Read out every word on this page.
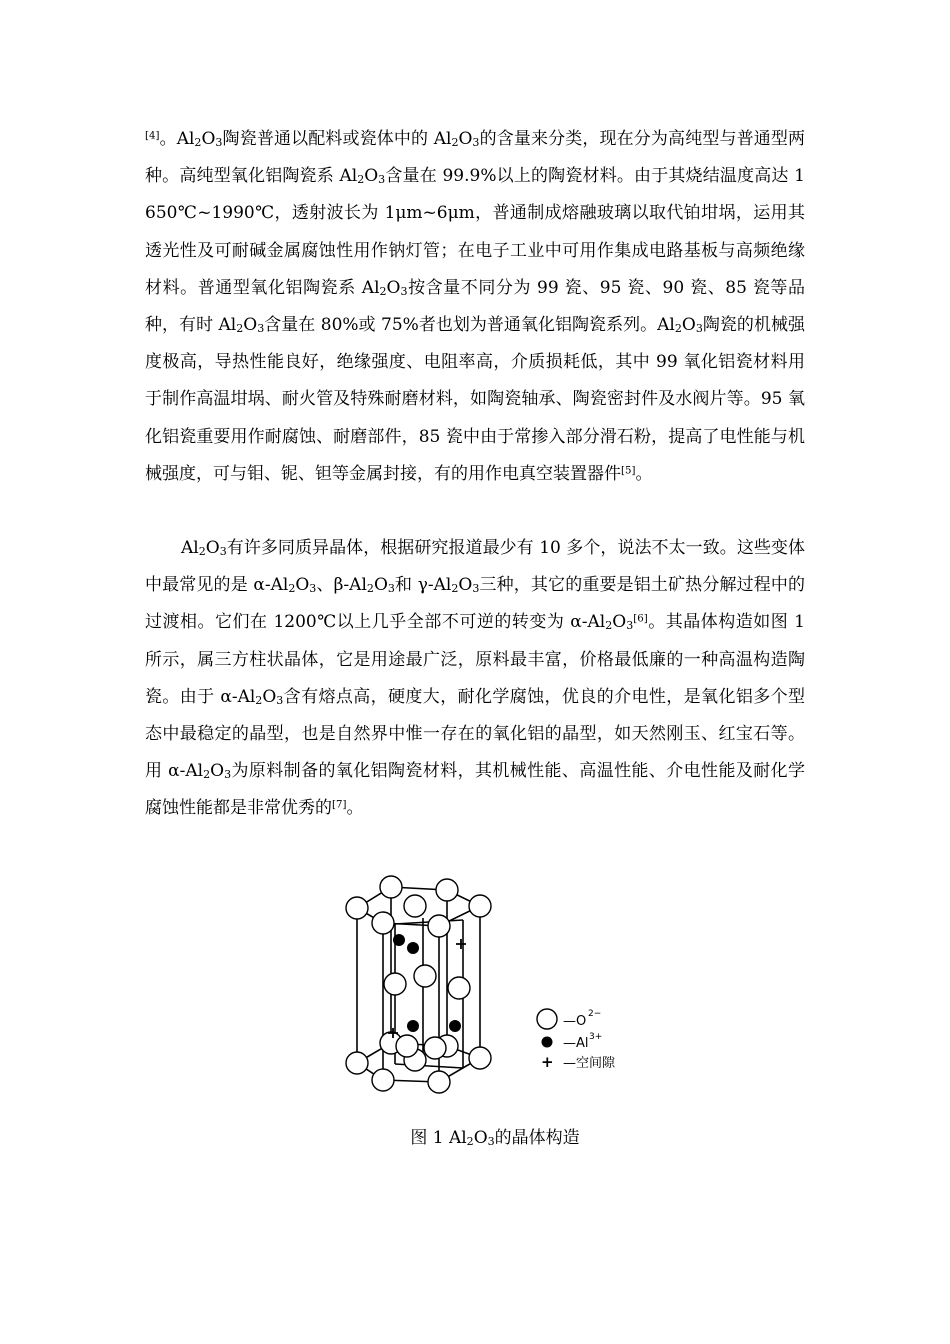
[4]。$Al_2O_3$陶瓷普通以配料或瓷体中的 $Al_2O_3$的含量来分类，现在分为高纯型与普通型两种。高纯型氧化铝陶瓷系 $Al_2O_3$含量在 99.9%以上的陶瓷材料。由于其烧结温度高达 1650℃~1990℃，透射波长为 1μm~6μm，普通制成熔融玻璃以取代铂坩埚，运用其透光性及可耐碱金属腐蚀性用作钠灯管；在电子工业中可用作集成电路基板与高频绝缘材料。普通型氧化铝陶瓷系 $Al_2O_3$按含量不同分为 99 瓷、95 瓷、90 瓷、85 瓷等品种，有时 $Al_2O_3$含量在 80%或 75%者也划为普通氧化铝陶瓷系列。$Al_2O_3$陶瓷的机械强度极高，导热性能良好，绝缘强度、电阻率高，介质损耗低，其中 99 氧化铝瓷材料用于制作高温坩埚、耐火管及特殊耐磨材料，如陶瓷轴承、陶瓷密封件及水阀片等。95 氧化铝瓷重要用作耐腐蚀、耐磨部件，85 瓷中由于常掺入部分滑石粉，提高了电性能与机械强度，可与钼、铌、钽等金属封接，有的用作电真空装置器件[5]。

$Al_2O_3$有许多同质异晶体，根据研究报道最少有 10 多个，说法不太一致。这些变体中最常见的是 $\alpha-Al_2O_3$、$\beta-Al_2O_3$和 $\gamma-Al_2O_3$三种，其它的重要是铝土矿热分解过程中的过渡相。它们在 1200℃以上几乎全部不可逆的转变为 $\alpha-Al_2O_3[6]$。其晶体构造如图 1 所示，属三方柱状晶体，它是用途最广泛，原料最丰富，价格最低廉的一种高温构造陶瓷。由于 $\alpha-Al_2O_3$含有熔点高，硬度大，耐化学腐蚀，优良的介电性，是氧化铝多个型态中最稳定的晶型，也是自然界中惟一存在的氧化铝的晶型，如天然刚玉、红宝石等。用 $\alpha-Al_2O_3$为原料制备的氧化铝陶瓷材料，其机械性能、高温性能、介电性能及耐化学腐蚀性能都是非常优秀的[7]。

—O 2−
—Al 3+
+ —空间隙
图 1 $Al_2O_3$的晶体构造
